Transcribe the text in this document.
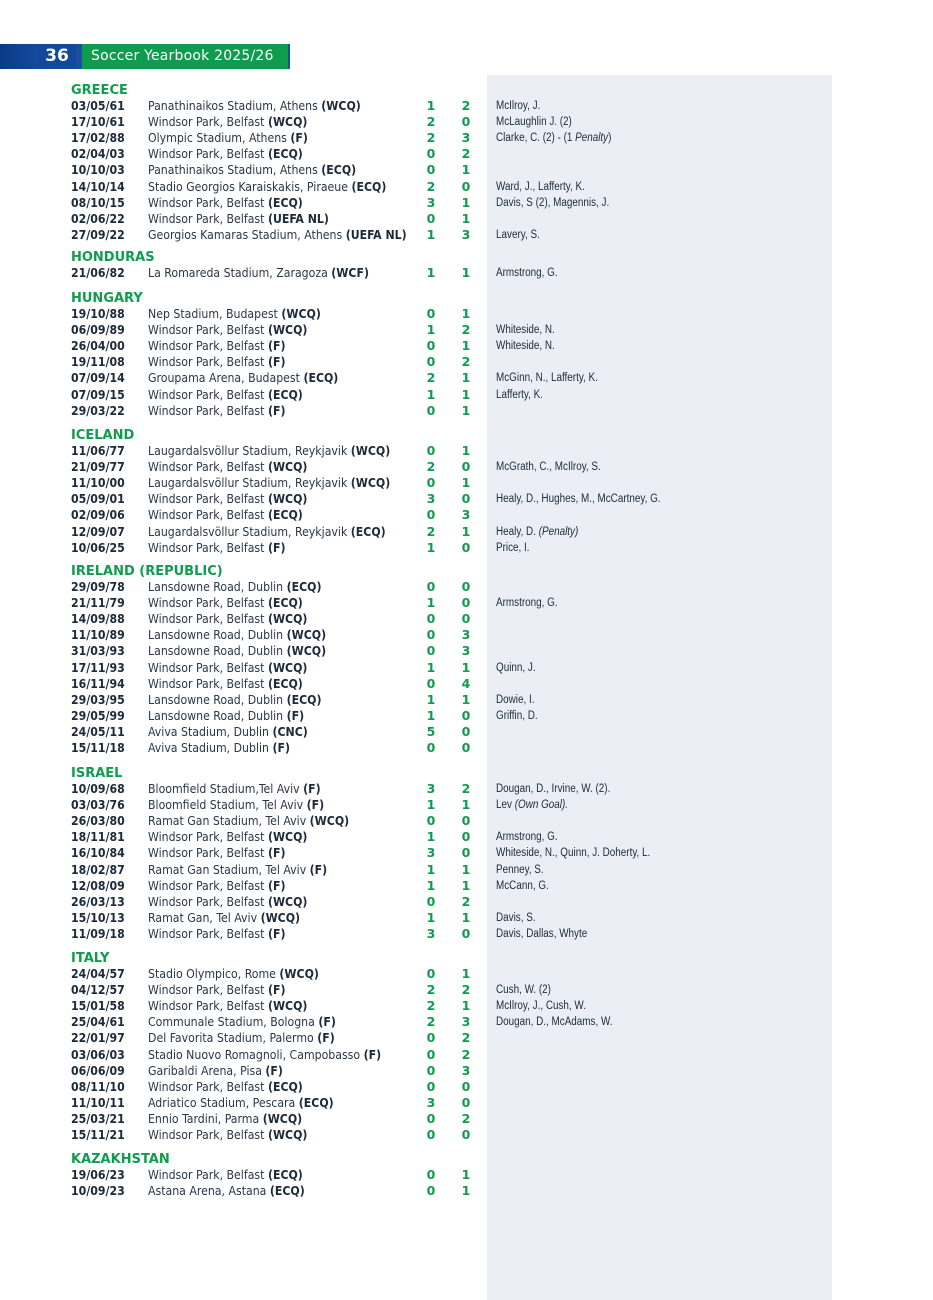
36	Soccer Yearbook 2025/26
GREECE
03/05/61 Panathinaikos Stadium, Athens (WCQ)	1 2 McIlroy, J.
17/10/61 Windsor Park, Belfast (WCQ)	2 0 McLaughlin J. (2)
17/02/88 Olympic Stadium, Athens (F)	2 3 Clarke, C. (2) - (1 Penalty)
02/04/03 Windsor Park, Belfast (ECQ)	0 2
10/10/03 Panathinaikos Stadium, Athens (ECQ)	0 1
14/10/14 Stadio Georgios Karaiskakis, Piraeue (ECQ)	2 0 Ward, J., Lafferty, K.
08/10/15 Windsor Park, Belfast (ECQ)	3 1 Davis, S (2), Magennis, J.
02/06/22 Windsor Park, Belfast (UEFA NL)	0 1
27/09/22 Georgios Kamaras Stadium, Athens (UEFA NL) 1 3 Lavery, S.
HONDURAS
21/06/82 La Romareda Stadium, Zaragoza (WCF)	1 1 Armstrong, G.
HUNGARY
19/10/88 Nep Stadium, Budapest (WCQ)	0 1
06/09/89 Windsor Park, Belfast (WCQ)	1 2 Whiteside, N.
26/04/00 Windsor Park, Belfast (F)	0 1 Whiteside, N.
19/11/08 Windsor Park, Belfast (F)	0 2
07/09/14 Groupama Arena, Budapest (ECQ)	2 1 McGinn, N., Lafferty, K.
07/09/15 Windsor Park, Belfast (ECQ)	1 1 Lafferty, K.
29/03/22 Windsor Park, Belfast (F)	0 1
ICELAND
11/06/77 Laugardalsvöllur Stadium, Reykjavik (WCQ)	0 1
21/09/77 Windsor Park, Belfast (WCQ)	2 0 McGrath, C., McIlroy, S.
11/10/00 Laugardalsvöllur Stadium, Reykjavik (WCQ)	0 1
05/09/01 Windsor Park, Belfast (WCQ)	3 0 Healy, D., Hughes, M., McCartney, G.
02/09/06 Windsor Park, Belfast (ECQ)	0 3
12/09/07 Laugardalsvöllur Stadium, Reykjavik (ECQ)	2 1 Healy, D. (Penalty)
10/06/25 Windsor Park, Belfast (F)	1 0 Price, I.
IRELAND (REPUBLIC)
29/09/78 Lansdowne Road, Dublin (ECQ)	0 0
21/11/79 Windsor Park, Belfast (ECQ)	1 0 Armstrong, G.
14/09/88 Windsor Park, Belfast (WCQ)	0 0
11/10/89 Lansdowne Road, Dublin (WCQ)	0 3
31/03/93 Lansdowne Road, Dublin (WCQ)	0 3
17/11/93 Windsor Park, Belfast (WCQ)	1 1 Quinn, J.
16/11/94 Windsor Park, Belfast (ECQ)	0 4
29/03/95 Lansdowne Road, Dublin (ECQ)	1 1 Dowie, I.
29/05/99 Lansdowne Road, Dublin (F)	1 0 Griffin, D.
24/05/11 Aviva Stadium, Dublin (CNC)	5 0
15/11/18 Aviva Stadium, Dublin (F)	0 0
ISRAEL
10/09/68 Bloomfield Stadium,Tel Aviv (F)	3 2 Dougan, D., Irvine, W. (2).
03/03/76 Bloomfield Stadium, Tel Aviv (F)	1 1 Lev (Own Goal).
26/03/80 Ramat Gan Stadium, Tel Aviv (WCQ)	0 0
18/11/81 Windsor Park, Belfast (WCQ)	1 0 Armstrong, G.
16/10/84 Windsor Park, Belfast (F)	3 0 Whiteside, N., Quinn, J. Doherty, L.
18/02/87 Ramat Gan Stadium, Tel Aviv (F)	1 1 Penney, S.
12/08/09 Windsor Park, Belfast (F)	1 1 McCann, G.
26/03/13 Windsor Park, Belfast (WCQ)	0 2
15/10/13 Ramat Gan, Tel Aviv (WCQ)	1 1 Davis, S.
11/09/18 Windsor Park, Belfast (F)	3 0 Davis, Dallas, Whyte
ITALY
24/04/57 Stadio Olympico, Rome (WCQ)	0 1
04/12/57 Windsor Park, Belfast (F)	2 2 Cush, W. (2)
15/01/58 Windsor Park, Belfast (WCQ)	2 1 McIlroy, J., Cush, W.
25/04/61 Communale Stadium, Bologna (F)	2 3 Dougan, D., McAdams, W.
22/01/97 Del Favorita Stadium, Palermo (F)	0 2
03/06/03 Stadio Nuovo Romagnoli, Campobasso (F)	0 2
06/06/09 Garibaldi Arena, Pisa (F)	0 3
08/11/10 Windsor Park, Belfast (ECQ)	0 0
11/10/11 Adriatico Stadium, Pescara (ECQ)	3 0
25/03/21 Ennio Tardini, Parma (WCQ)	0 2
15/11/21 Windsor Park, Belfast (WCQ)	0 0
KAZAKHSTAN
19/06/23 Windsor Park, Belfast (ECQ)	0 1
10/09/23 Astana Arena, Astana (ECQ)	0 1
